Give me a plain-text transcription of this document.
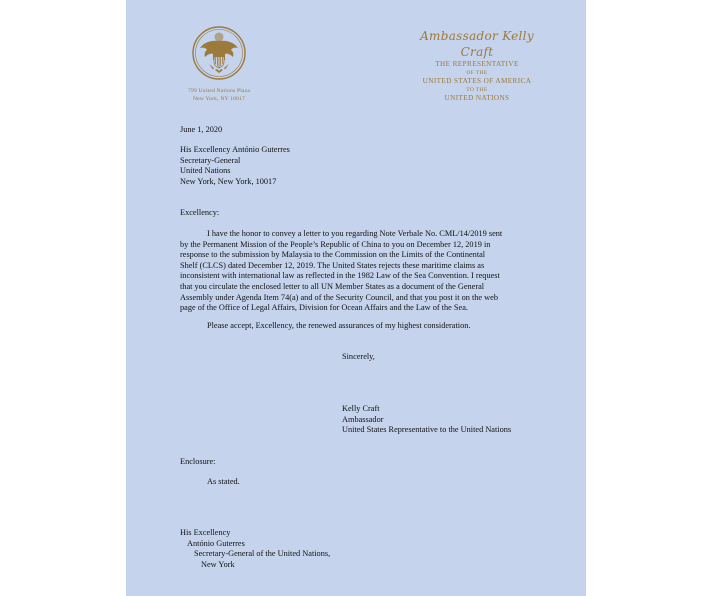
799 United Nations Plaza
New York, NY 10017
Ambassador Kelly Craft
THE REPRESENTATIVE
OF THE
UNITED STATES OF AMERICA
TO THE
UNITED NATIONS
June 1, 2020
His Excellency António Guterres
Secretary-General
United Nations
New York, New York, 10017
Excellency:
I have the honor to convey a letter to you regarding Note Verbale No. CML/14/2019 sent
by the Permanent Mission of the People’s Republic of China to you on December 12, 2019 in
response to the submission by Malaysia to the Commission on the Limits of the Continental
Shelf (CLCS) dated December 12, 2019. The United States rejects these maritime claims as
inconsistent with international law as reflected in the 1982 Law of the Sea Convention. I request
that you circulate the enclosed letter to all UN Member States as a document of the General
Assembly under Agenda Item 74(a) and of the Security Council, and that you post it on the web
page of the Office of Legal Affairs, Division for Ocean Affairs and the Law of the Sea.
Please accept, Excellency, the renewed assurances of my highest consideration.
Sincerely,
Kelly Craft
Ambassador
United States Representative to the United Nations
Enclosure:
As stated.
His Excellency
António Guterres
Secretary-General of the United Nations,
New York
